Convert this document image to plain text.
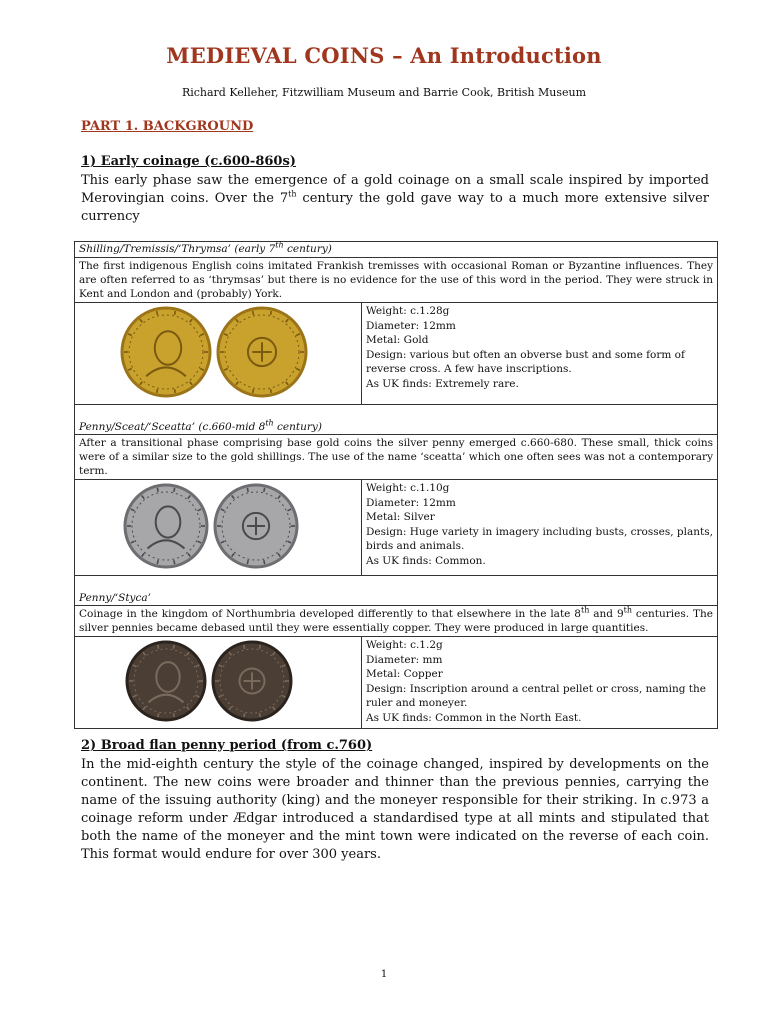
MEDIEVAL COINS – An Introduction
Richard Kelleher, Fitzwilliam Museum and Barrie Cook, British Museum
PART 1. BACKGROUND
1) Early coinage (c.600-860s)
This early phase saw the emergence of a gold coinage on a small scale inspired by imported Merovingian coins. Over the 7th century the gold gave way to a much more extensive silver currency
Shilling/Tremissis/‘Thrymsa’ (early 7th century)	
The first indigenous English coins imitated Frankish tremisses with occasional Roman or Byzantine influences. They are often referred to as ‘thrymsas’ but there is no evidence for the use of this word in the period. They were struck in Kent and London and (probably) York.	

Weight: c.1.28g
Diameter: 12mm
Metal: Gold
Design: various but often an obverse bust and some form of reverse cross. A few have inscriptions.
As UK finds: Extremely rare.

Penny/Sceat/‘Sceatta’ (c.660-mid 8th century)	
After a transitional phase comprising base gold coins the silver penny emerged c.660-680. These small, thick coins were of a similar size to the gold shillings. The use of the name ‘sceatta’ which one often sees was not a contemporary term.	

Weight: c.1.10g
Diameter: 12mm
Metal: Silver
Design: Huge variety in imagery including busts, crosses, plants, birds and animals.
As UK finds: Common.

Penny/‘Styca’	
Coinage in the kingdom of Northumbria developed differently to that elsewhere in the late 8th and 9th centuries. The silver pennies became debased until they were essentially copper. They were produced in large quantities.	

Weight: c.1.2g
Diameter: mm
Metal: Copper
Design: Inscription around a central pellet or cross, naming the ruler and moneyer.
As UK finds: Common in the North East.
2) Broad flan penny period (from c.760)
In the mid-eighth century the style of the coinage changed, inspired by developments on the continent. The new coins were broader and thinner than the previous pennies, carrying the name of the issuing authority (king) and the moneyer responsible for their striking. In c.973 a coinage reform under Ædgar introduced a standardised type at all mints and stipulated that both the name of the moneyer and the mint town were indicated on the reverse of each coin. This format would endure for over 300 years.
1
